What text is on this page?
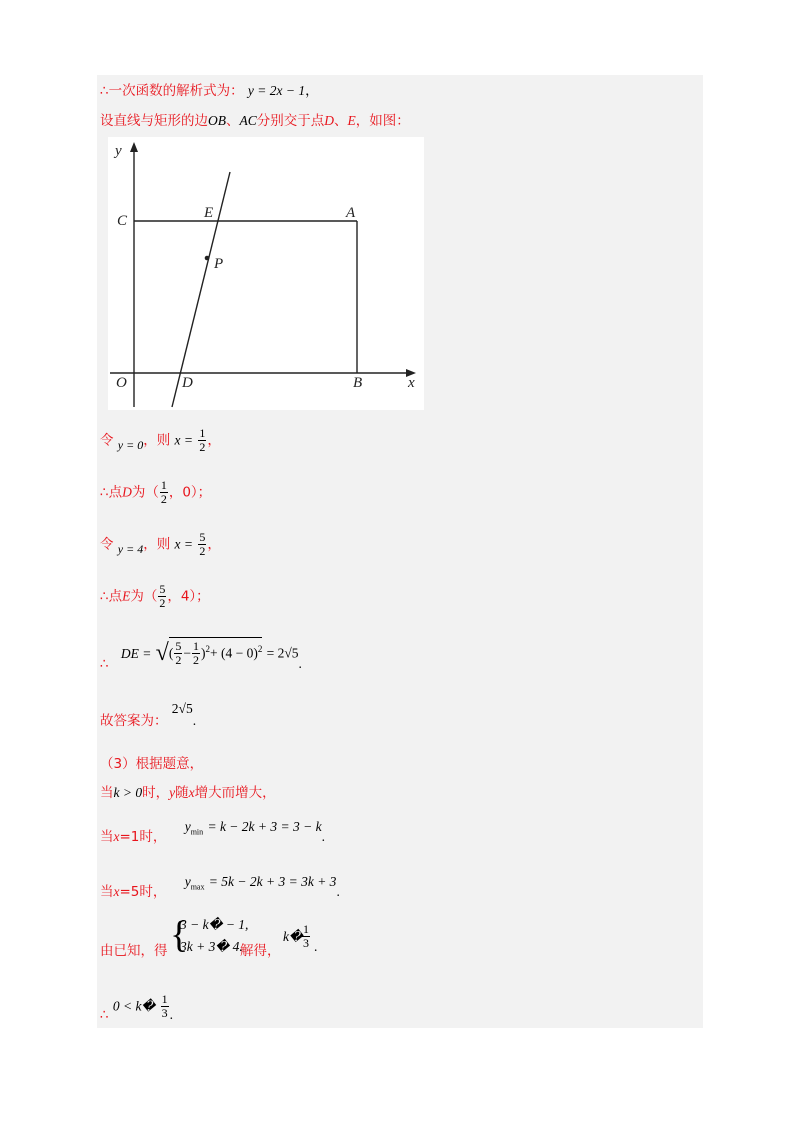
∴一次函数的解析式为： y = 2x − 1，
设直线与矩形的边OB、AC分别交于点D、E，如图：
y
x
O
C	E	A
P
D	B
令 y = 0，则 $x = \frac{1}{2}$ ，
∴点D为（ $\frac{1}{2}$ ，0）；
令 y = 4，则 $x = \frac{5}{2}$ ，
∴点E为（ $\frac{5}{2}$ ，4）；
∴ DE = √( $\frac{5}{2} - \frac{1}{2} )^2+ (4 - 0)^2 = 2√5$.
故答案为： 2√5.
（3）根据题意，
当k > 0时，y随x增大而增大，
当x=1时， $y_{min} = k - 2k + 3 = 3 - k$.
当x=5时， $y_{max} = 5k - 2k + 3 = 3k + 3$.
由已知，得 {
3 − k� − 1,
3k + 3� 4.
解得，
k� $\frac{1}{3}$ .
∴ 0 < k� $\frac{1}{3}$ .
